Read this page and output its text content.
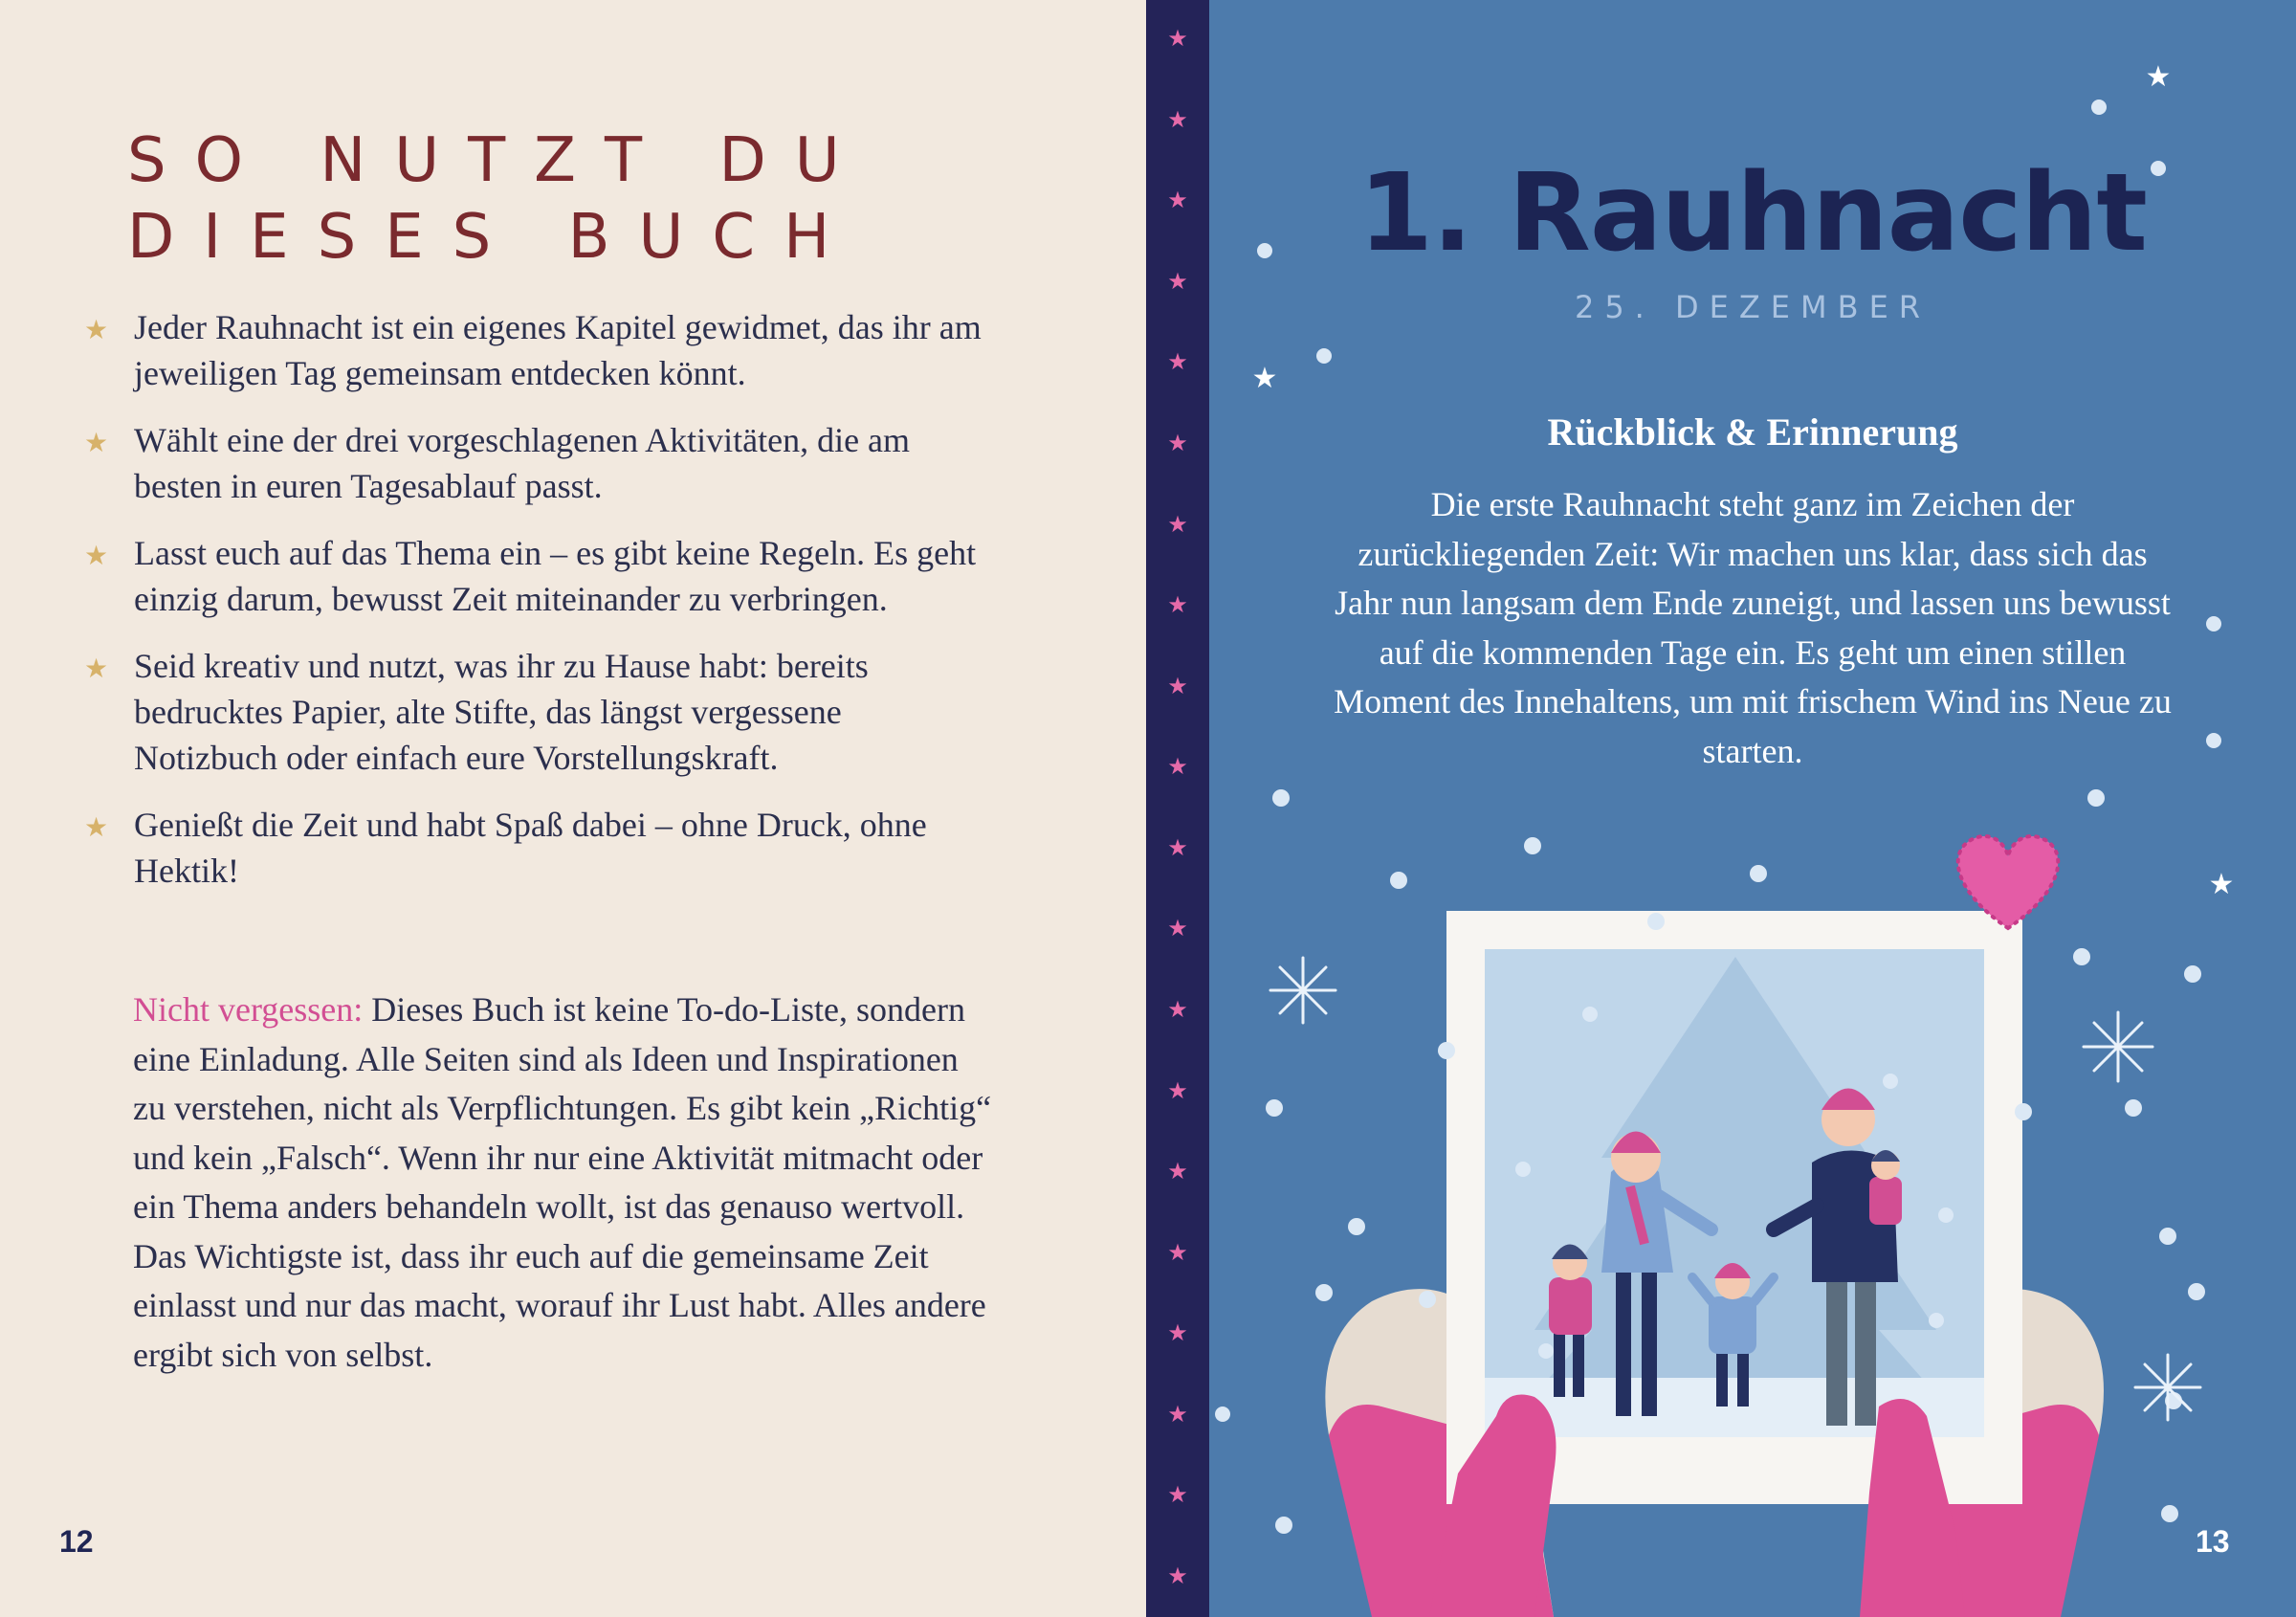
SO NUTZT DU
DIESES BUCH
★ Jeder Rauhnacht ist ein eigenes Kapitel gewidmet, das ihr am jeweiligen Tag gemeinsam entdecken könnt.
★ Wählt eine der drei vorgeschlagenen Aktivitäten, die am besten in euren Tagesablauf passt.
★ Lasst euch auf das Thema ein – es gibt keine Regeln. Es geht einzig darum, bewusst Zeit miteinander zu verbringen.
★ Seid kreativ und nutzt, was ihr zu Hause habt: bereits bedrucktes Papier, alte Stifte, das längst vergessene Notizbuch oder einfach eure Vorstellungskraft.
★ Genießt die Zeit und habt Spaß dabei – ohne Druck, ohne Hektik!

Nicht vergessen: Dieses Buch ist keine To-do-Liste, sondern eine Einladung. Alle Seiten sind als Ideen und Inspirationen zu verstehen, nicht als Verpflichtungen. Es gibt kein „Richtig“ und kein „Falsch“. Wenn ihr nur eine Aktivität mitmacht oder ein Thema anders behandeln wollt, ist das genauso wertvoll. Das Wichtigste ist, dass ihr euch auf die gemeinsame Zeit einlasst und nur das macht, worauf ihr Lust habt. Alles andere ergibt sich von selbst.

12
★
★
★
★
★
★
★
★
★
★
★
★
★
★
★
★
★
★
★
★
★
★
★
1. Rauhnacht
25. DEZEMBER
Rückblick & Erinnerung

Die erste Rauhnacht steht ganz im Zeichen der zurückliegenden Zeit: Wir machen uns klar, dass sich das Jahr nun langsam dem Ende zuneigt, und lassen uns bewusst auf die kommenden Tage ein. Es geht um einen stillen Moment des Innehaltens, um mit frischem Wind ins Neue zu starten.

13
